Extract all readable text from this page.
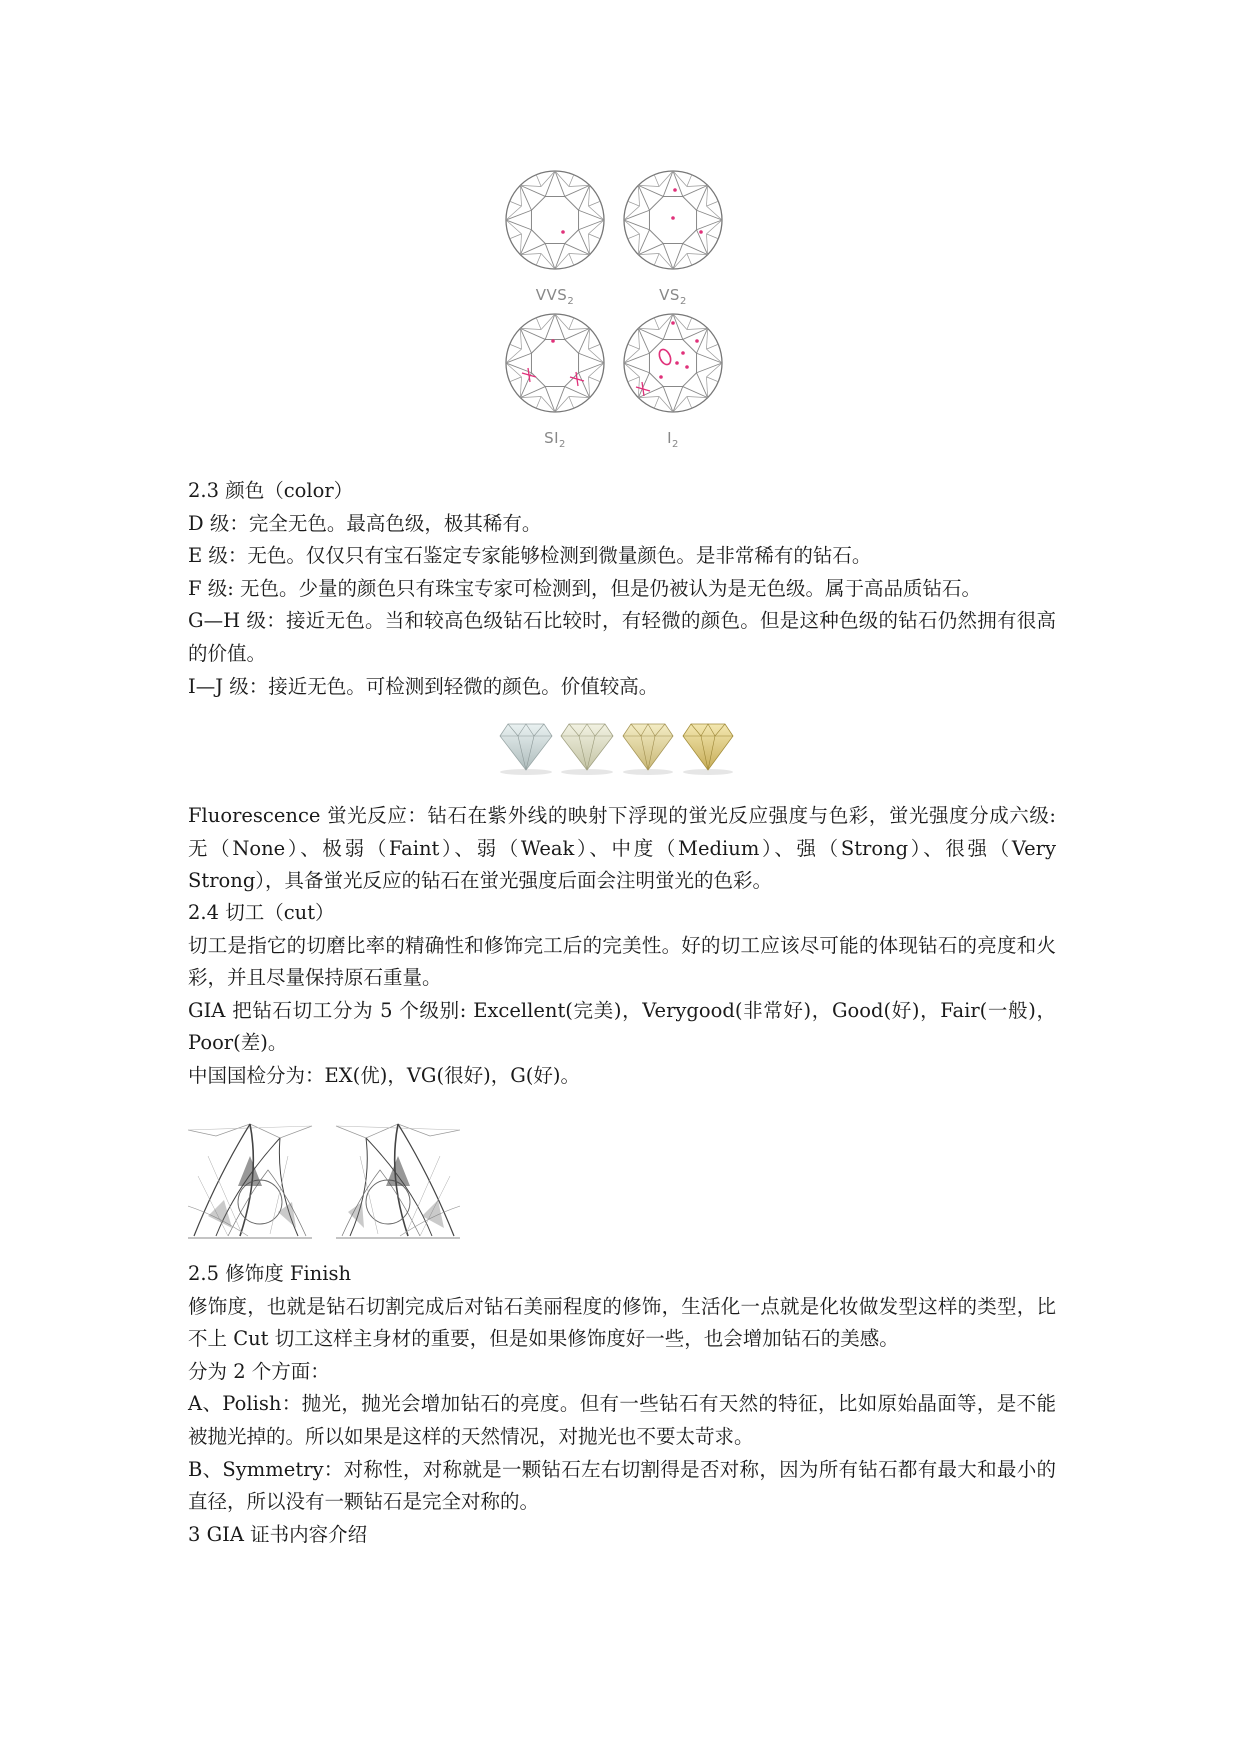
$VVS_2$	$VS_2$
$SI_2$	$I_2$

2.3 颜色（color）

D 级：完全无色。最高色级，极其稀有。

E 级：无色。仅仅只有宝石鉴定专家能够检测到微量颜色。是非常稀有的钻石。

F 级: 无色。少量的颜色只有珠宝专家可检测到，但是仍被认为是无色级。属于高品质钻石。

G—H 级：接近无色。当和较高色级钻石比较时，有轻微的颜色。但是这种色级的钻石仍然拥有很高的价值。

I—J 级：接近无色。可检测到轻微的颜色。价值较高。

Fluorescence 蛍光反应：钻石在紫外线的映射下浮现的蛍光反应强度与色彩，蛍光强度分成六级: 无（None）、极弱（Faint）、弱（Weak）、中度（Medium）、强（Strong）、很强（Very Strong），具备蛍光反应的钻石在蛍光强度后面会注明蛍光的色彩。

2.4 切工（cut）

切工是指它的切磨比率的精确性和修饰完工后的完美性。好的切工应该尽可能的体现钻石的亮度和火彩，并且尽量保持原石重量。

GIA 把钻石切工分为 5 个级别: Excellent(完美)，Verygood(非常好)，Good(好)，Fair(一般)，Poor(差)。

中国国检分为：EX(优)，VG(很好)，G(好)。

2.5 修饰度 Finish

修饰度，也就是钻石切割完成后对钻石美丽程度的修饰，生活化一点就是化妆做发型这样的类型，比不上 Cut 切工这样主身材的重要，但是如果修饰度好一些，也会增加钻石的美感。

分为 2 个方面：

A、Polish：抛光，抛光会增加钻石的亮度。但有一些钻石有天然的特征，比如原始晶面等，是不能被抛光掉的。所以如果是这样的天然情况，对抛光也不要太苛求。

B、Symmetry：对称性，对称就是一颗钻石左右切割得是否对称，因为所有钻石都有最大和最小的直径，所以没有一颗钻石是完全对称的。

3 GIA 证书内容介绍
